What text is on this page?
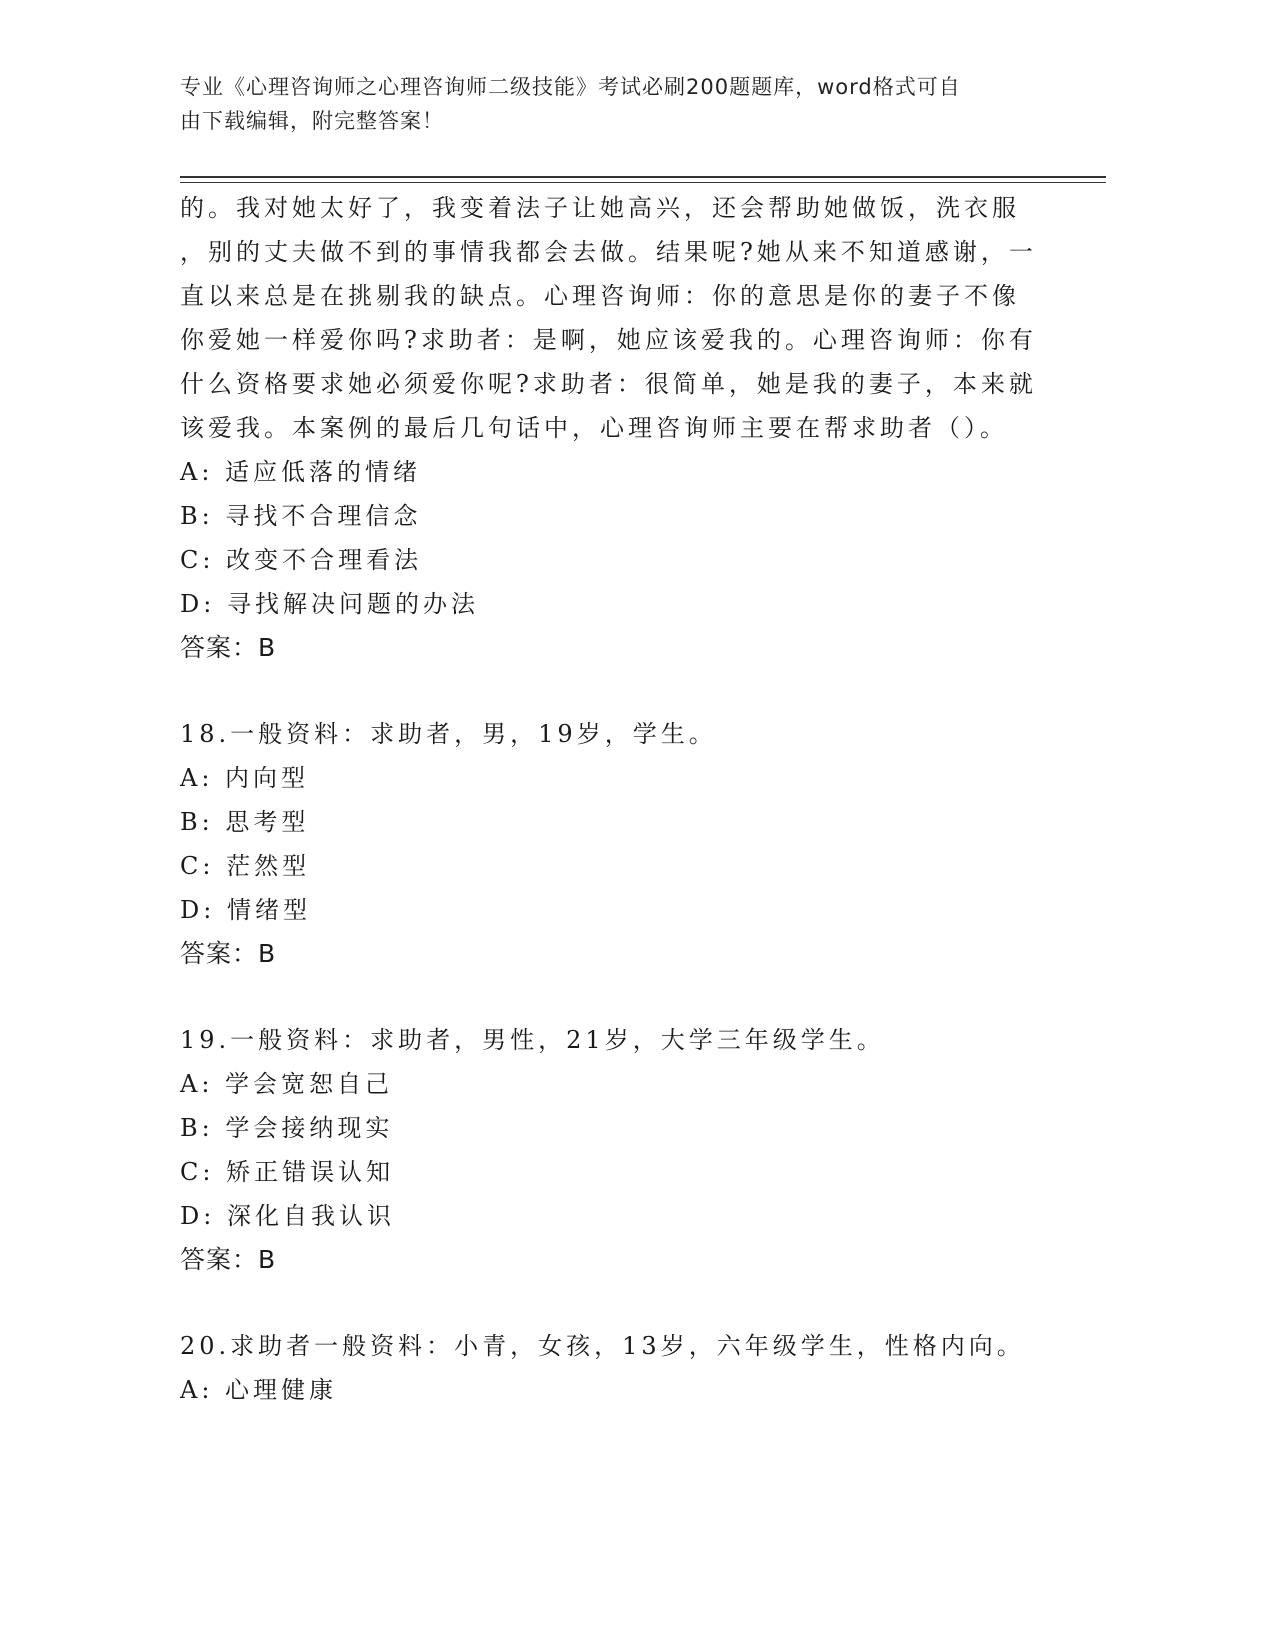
专业《心理咨询师之心理咨询师二级技能》考试必刷200题题库，word格式可自
由下载编辑，附完整答案！
的。我对她太好了，我变着法子让她高兴，还会帮助她做饭，洗衣服
，别的丈夫做不到的事情我都会去做。结果呢?她从来不知道感谢，一
直以来总是在挑剔我的缺点。心理咨询师：你的意思是你的妻子不像
你爱她一样爱你吗?求助者：是啊，她应该爱我的。心理咨询师：你有
什么资格要求她必须爱你呢?求助者：很简单，她是我的妻子，本来就
该爱我。本案例的最后几句话中，心理咨询师主要在帮求助者（）。
A: 适应低落的情绪
B: 寻找不合理信念
C: 改变不合理看法
D: 寻找解决问题的办法
答案：B
18.一般资料：求助者，男，19岁，学生。
A: 内向型
B: 思考型
C: 茫然型
D: 情绪型
答案：B
19.一般资料：求助者，男性，21岁，大学三年级学生。
A: 学会宽恕自己
B: 学会接纳现实
C: 矫正错误认知
D: 深化自我认识
答案：B
20.求助者一般资料：小青，女孩，13岁，六年级学生，性格内向。
A: 心理健康
